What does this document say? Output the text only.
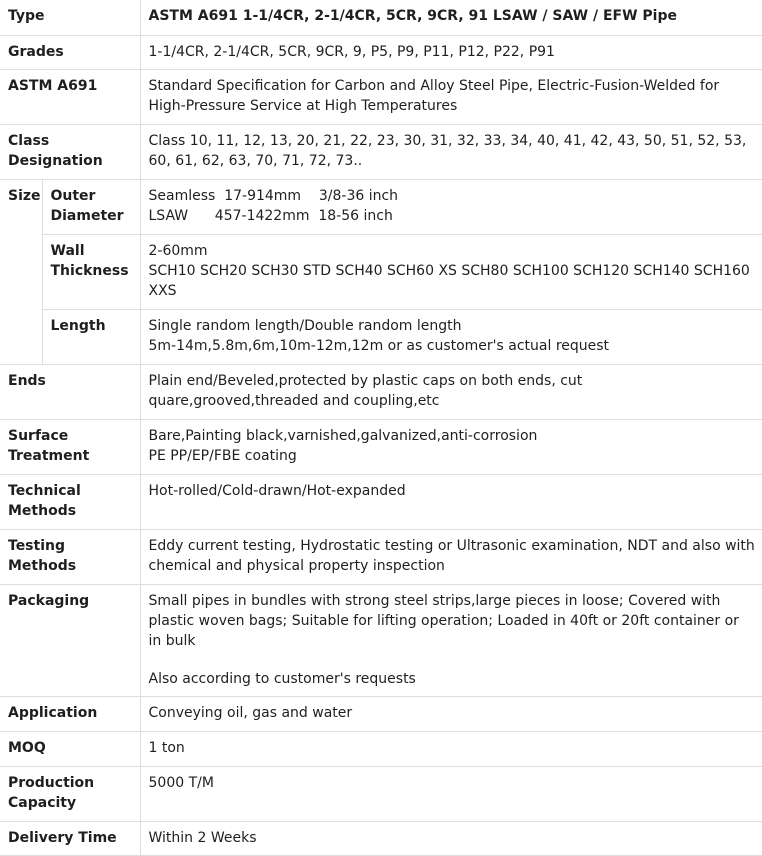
Type		ASTM A691 1-1/4CR, 2-1/4CR, 5CR, 9CR, 91 LSAW / SAW / EFW Pipe
Grades		1-1/4CR, 2-1/4CR, 5CR, 9CR, 9, P5, P9, P11, P12, P22, P91
ASTM A691		Standard Specification for Carbon and Alloy Steel Pipe, Electric-Fusion-Welded for High-Pressure Service at High Temperatures
Class Designation		Class 10, 11, 12, 13, 20, 21, 22, 23, 30, 31, 32, 33, 34, 40, 41, 42, 43, 50, 51, 52, 53, 60, 61, 62, 63, 70, 71, 72, 73..
Size	Outer Diameter	Seamless  17-914mm    3/8-36 inch
LSAW      457-1422mm  18-56 inch

	Wall Thickness	2-60mm
SCH10 SCH20 SCH30 STD SCH40 SCH60 XS SCH80 SCH100 SCH120 SCH140 SCH160 XXS

	Length	Single random length/Double random length
5m-14m,5.8m,6m,10m-12m,12m or as customer's actual request

Ends		Plain end/Beveled,protected by plastic caps on both ends, cut quare,grooved,threaded and coupling,etc
Surface Treatment		Bare,Painting black,varnished,galvanized,anti-corrosion
PE PP/EP/FBE coating

Technical Methods		Hot-rolled/Cold-drawn/Hot-expanded
Testing Methods		Eddy current testing, Hydrostatic testing or Ultrasonic examination, NDT and also with chemical and physical property inspection
Packaging		Small pipes in bundles with strong steel strips,large pieces in loose; Covered with plastic woven bags; Suitable for lifting operation; Loaded in 40ft or 20ft container or in bulk
Also according to customer's requests

Application		Conveying oil, gas and water
MOQ		1 ton
Production Capacity		5000 T/M
Delivery Time		Within 2 Weeks
